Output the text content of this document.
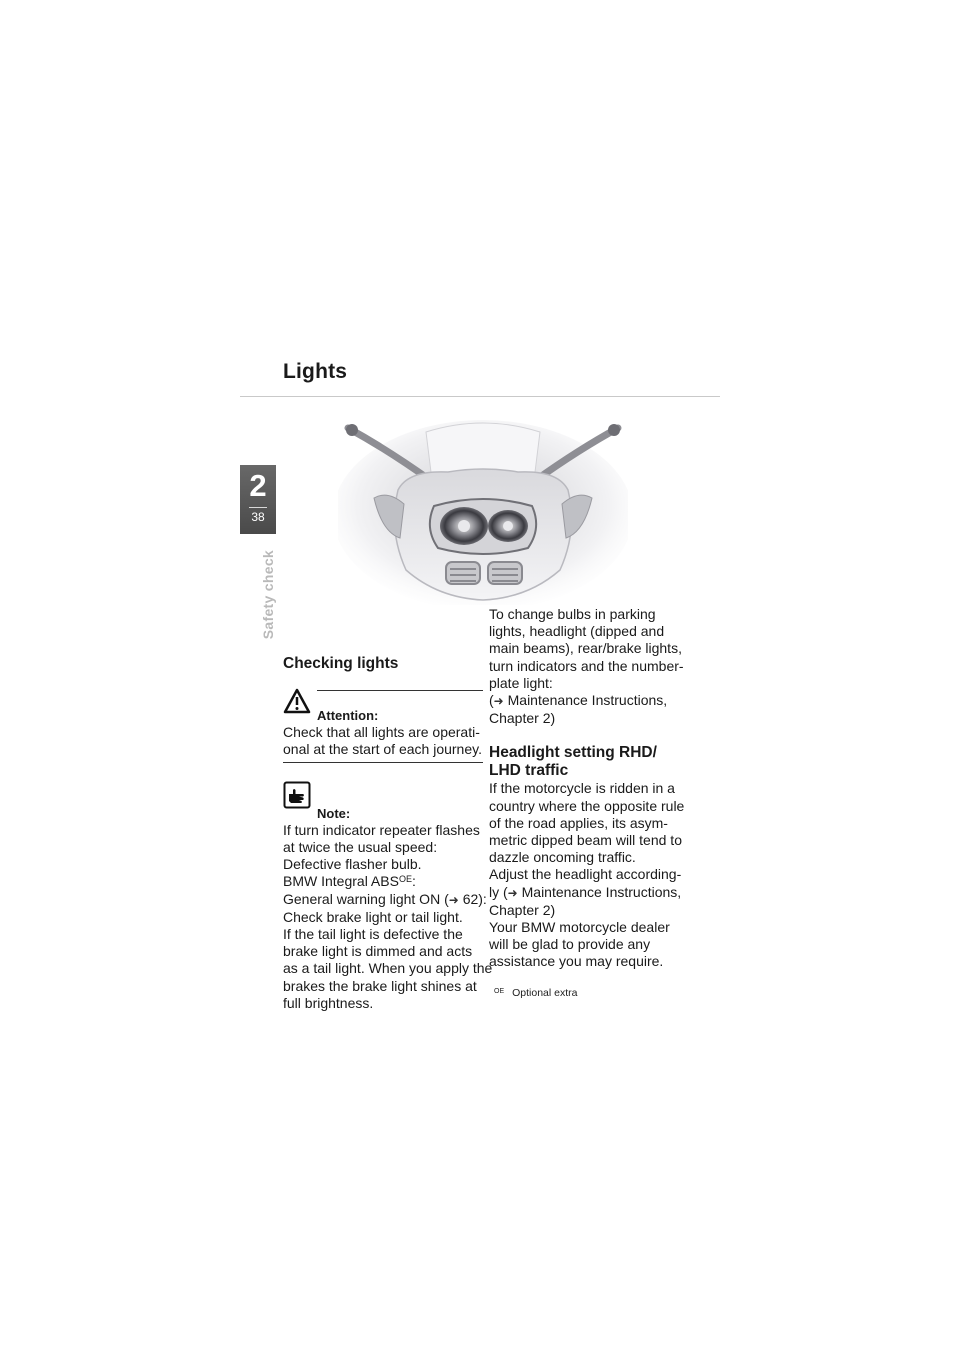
Lights
2
38
Safety check
Checking lights
Attention:
Check that all lights are operati-
onal at the start of each journey.
Note:
If turn indicator repeater flashes
at twice the usual speed:
Defective flasher bulb.
BMW Integral $ABS^{OE}$:
General warning light ON (➜ 62):
Check brake light or tail light.
If the tail light is defective the
brake light is dimmed and acts
as a tail light. When you apply the
brakes the brake light shines at
full brightness.
To change bulbs in parking
lights, headlight (dipped and
main beams), rear/brake lights,
turn indicators and the number-
plate light:
(➜ Maintenance Instructions,
Chapter 2)
Headlight setting RHD/
LHD traffic
If the motorcycle is ridden in a
country where the opposite rule
of the road applies, its asym-
metric dipped beam will tend to
dazzle oncoming traffic.
Adjust the headlight according-
ly (➜ Maintenance Instructions,
Chapter 2)
Your BMW motorcycle dealer
will be glad to provide any
assistance you may require.
$^{OE}$ Optional extra
